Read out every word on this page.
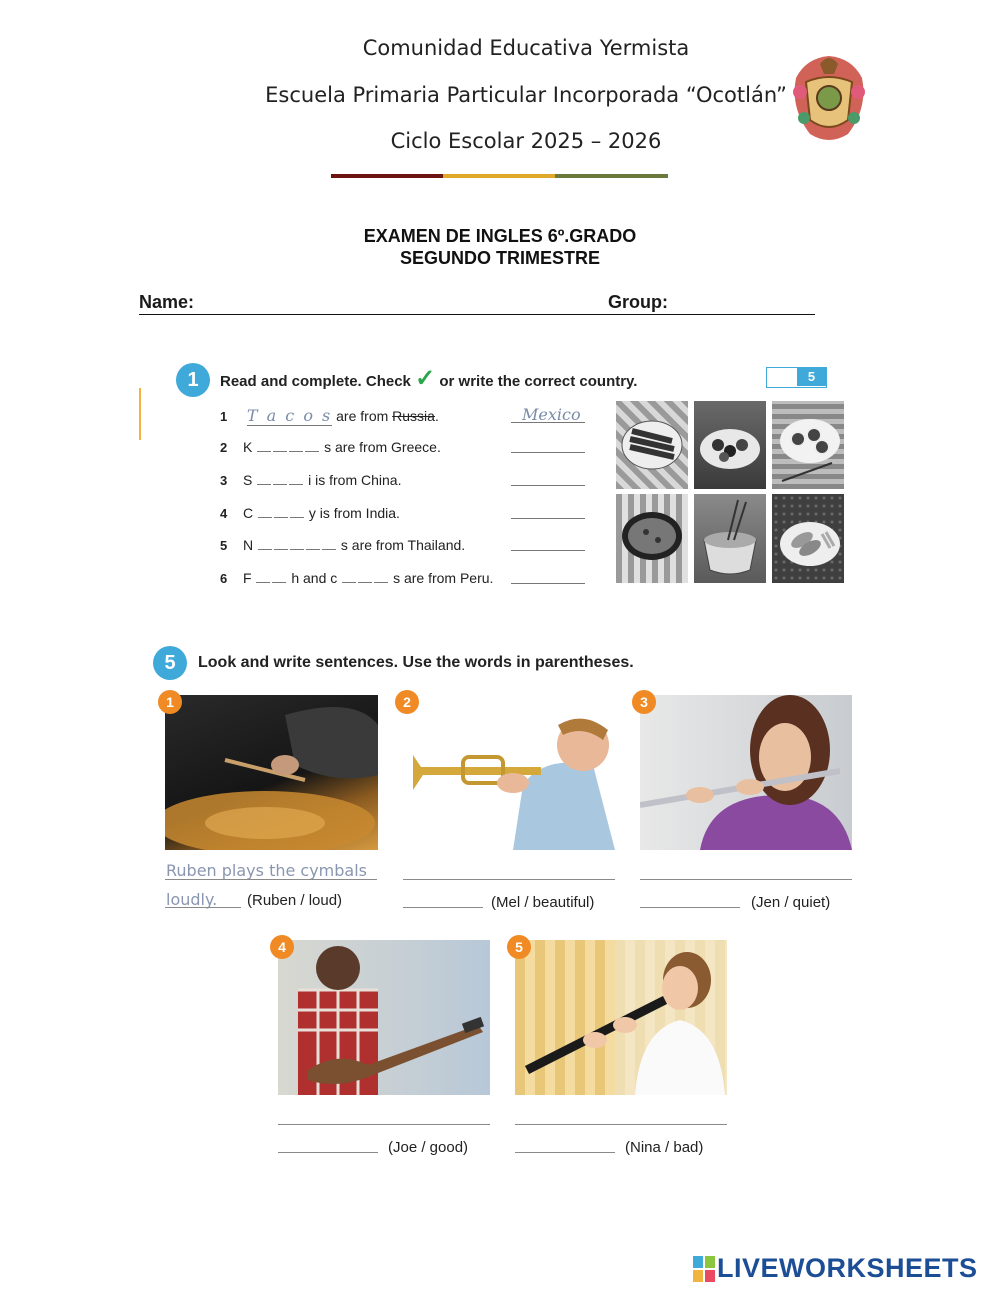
Comunidad Educativa Yermista
Escuela Primaria Particular Incorporada “Ocotlán”
Ciclo Escolar 2025 – 2026
EXAMEN DE INGLES 6º.GRADO
SEGUNDO TRIMESTRE
Name:	Group:
1	Read and complete. Check ✓ or write the correct country.	5
1 T a c o s are from Russia.	Mexico
2 K	s are from Greece.
3 S	i is from China.
4 C	y is from India.
5 N	s are from Thailand.
6 F	h and c	s are from Peru.
5	Look and write sentences. Use the words in parentheses.
1
Ruben plays the cymbals
loudly. (Ruben / loud)
2
(Mel / beautiful)
3
(Jen / quiet)
4
(Joe / good)
5
(Nina / bad)
LIVEWORKSHEETS
